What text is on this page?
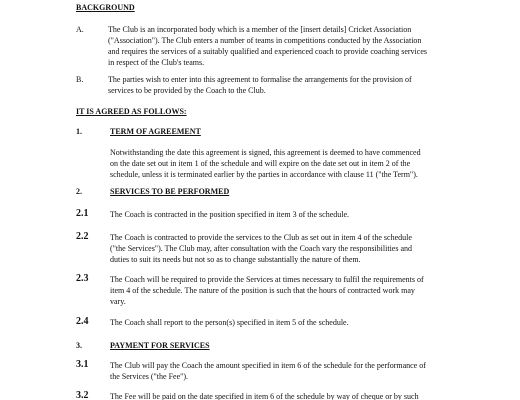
BACKGROUND
A.	The Club is an incorporated body which is a member of the [insert details] Cricket Association
("Association"). The Club enters a number of teams in competitions conducted by the Association
and requires the services of a suitably qualified and experienced coach to provide coaching services
in respect of the Club's teams.
B.	The parties wish to enter into this agreement to formalise the arrangements for the provision of
services to be provided by the Coach to the Club.
IT IS AGREED AS FOLLOWS:
1.	TERM OF AGREEMENT
Notwithstanding the date this agreement is signed, this agreement is deemed to have commenced
on the date set out in item 1 of the schedule and will expire on the date set out in item 2 of the
schedule, unless it is terminated earlier by the parties in accordance with clause 11 ("the Term").
2.	SERVICES TO BE PERFORMED
2.1	The Coach is contracted in the position specified in item 3 of the schedule.
2.2	The Coach is contracted to provide the services to the Club as set out in item 4 of the schedule
("the Services"). The Club may, after consultation with the Coach vary the responsibilities and
duties to suit its needs but not so as to change substantially the nature of them.
2.3	The Coach will be required to provide the Services at times necessary to fulfil the requirements of
item 4 of the schedule. The nature of the position is such that the hours of contracted work may
vary.
2.4	The Coach shall report to the person(s) specified in item 5 of the schedule.
3.	PAYMENT FOR SERVICES
3.1	The Club will pay the Coach the amount specified in item 6 of the schedule for the performance of
the Services ("the Fee").
3.2	The Fee will be paid on the date specified in item 6 of the schedule by way of cheque or by such
